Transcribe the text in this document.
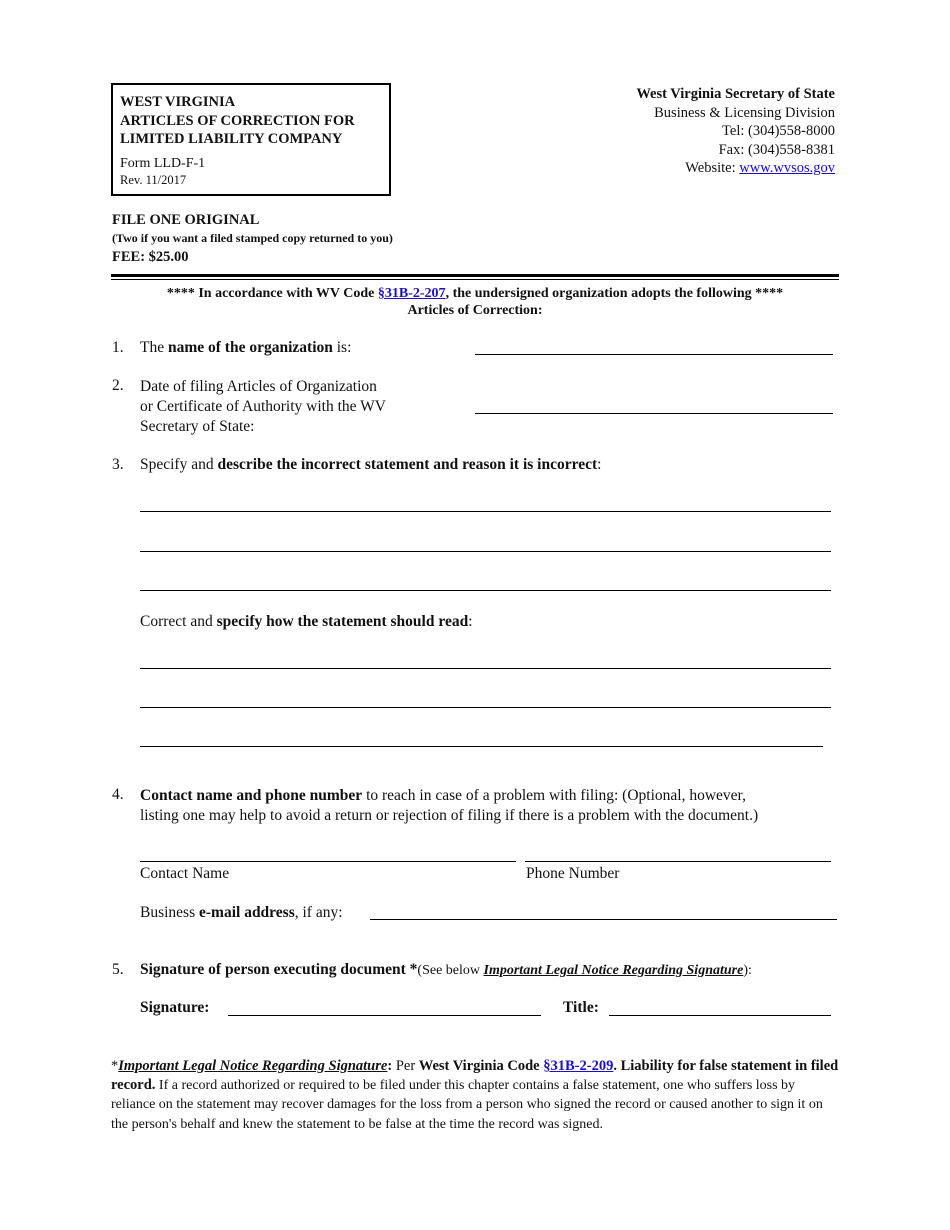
WEST VIRGINIA
ARTICLES OF CORRECTION FOR
LIMITED LIABILITY COMPANY
Form LLD-F-1
Rev. 11/2017
West Virginia Secretary of State
Business & Licensing Division
Tel: (304)558-8000
Fax: (304)558-8381
Website: www.wvsos.gov
FILE ONE ORIGINAL
(Two if you want a filed stamped copy returned to you)
FEE: $25.00
**** In accordance with WV Code §31B-2-207, the undersigned organization adopts the following ****
Articles of Correction:
1. The name of the organization is:
2. Date of filing Articles of Organization
or Certificate of Authority with the WV
Secretary of State:
3. Specify and describe the incorrect statement and reason it is incorrect:
Correct and specify how the statement should read:
4. Contact name and phone number to reach in case of a problem with filing: (Optional, however,
listing one may help to avoid a return or rejection of filing if there is a problem with the document.)
Contact Name	Phone Number
Business e-mail address, if any:
5. Signature of person executing document *(See below Important Legal Notice Regarding Signature):
Signature:	Title:
*Important Legal Notice Regarding Signature: Per West Virginia Code §31B-2-209. Liability for false statement in filed record. If a record authorized or required to be filed under this chapter contains a false statement, one who suffers loss by reliance on the statement may recover damages for the loss from a person who signed the record or caused another to sign it on the person's behalf and knew the statement to be false at the time the record was signed.
